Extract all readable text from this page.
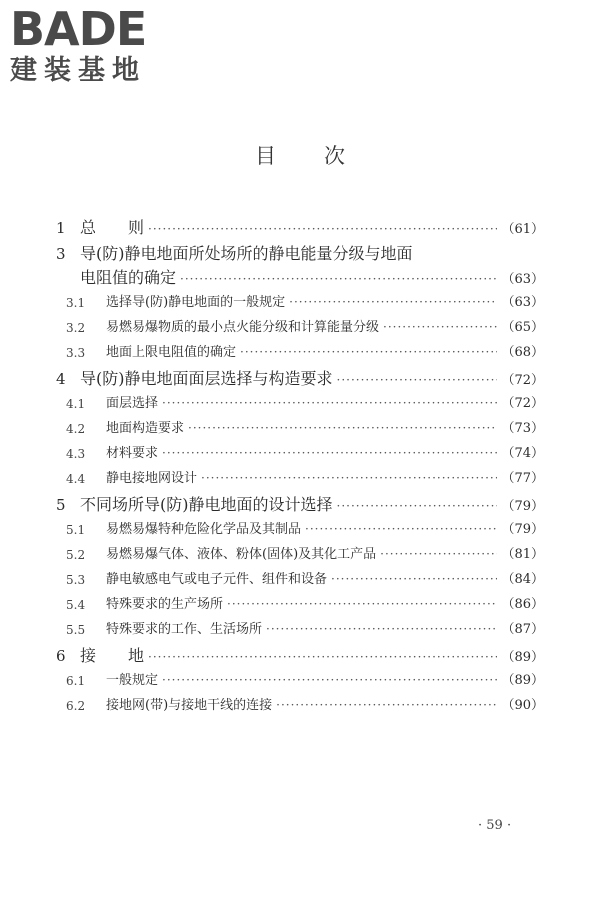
BADE
建装基地
目次
1 总　　则 ·····	（61）
3 导(防)静电地面所处场所的静电能量分级与地面
电阻值的确定 ·····	（63）
3.1 选择导(防)静电地面的一般规定 ·····	（63）
3.2 易燃易爆物质的最小点火能分级和计算能量分级 ·····	（65）
3.3 地面上限电阻值的确定 ·····	（68）
4 导(防)静电地面面层选择与构造要求 ·····	（72）
4.1 面层选择 ·····	（72）
4.2 地面构造要求 ·····	（73）
4.3 材料要求 ·····	（74）
4.4 静电接地网设计 ·····	（77）
5 不同场所导(防)静电地面的设计选择 ·····	（79）
5.1 易燃易爆特种危险化学品及其制品 ·····	（79）
5.2 易燃易爆气体、液体、粉体(固体)及其化工产品 ·····	（81）
5.3 静电敏感电气或电子元件、组件和设备 ·····	（84）
5.4 特殊要求的生产场所 ·····	（86）
5.5 特殊要求的工作、生活场所 ·····	（87）
6 接　　地 ·····	（89）
6.1 一般规定 ·····	（89）
6.2 接地网(带)与接地干线的连接 ·····	（90）
· 59 ·
